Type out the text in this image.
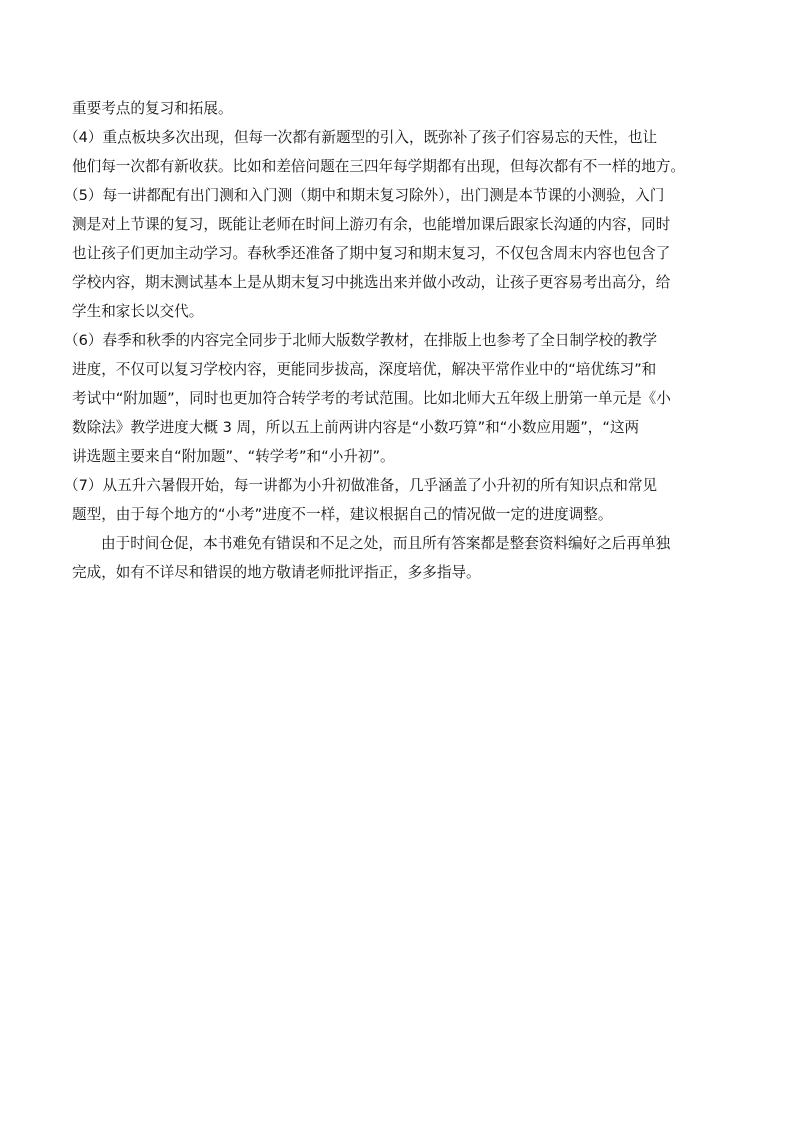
重要考点的复习和拓展。

（4）重点板块多次出现，但每一次都有新题型的引入，既弥补了孩子们容易忘的天性，也让
他们每一次都有新收获。比如和差倍问题在三四年每学期都有出现，但每次都有不一样的地方。

（5）每一讲都配有出门测和入门测（期中和期末复习除外），出门测是本节课的小测验，入门
测是对上节课的复习，既能让老师在时间上游刃有余，也能增加课后跟家长沟通的内容，同时
也让孩子们更加主动学习。春秋季还准备了期中复习和期末复习，不仅包含周末内容也包含了
学校内容，期末测试基本上是从期末复习中挑选出来并做小改动，让孩子更容易考出高分，给
学生和家长以交代。

（6）春季和秋季的内容完全同步于北师大版数学教材，在排版上也参考了全日制学校的教学
进度，不仅可以复习学校内容，更能同步拔高，深度培优，解决平常作业中的“培优练习”和
考试中“附加题”，同时也更加符合转学考的考试范围。比如北师大五年级上册第一单元是《小
数除法》教学进度大概 3 周，所以五上前两讲内容是“小数巧算”和“小数应用题”，“这两
讲选题主要来自“附加题”、“转学考”和“小升初”。

（7）从五升六暑假开始，每一讲都为小升初做准备，几乎涵盖了小升初的所有知识点和常见
题型，由于每个地方的“小考”进度不一样，建议根据自己的情况做一定的进度调整。

由于时间仓促，本书难免有错误和不足之处，而且所有答案都是整套资料编好之后再单独
完成，如有不详尽和错误的地方敬请老师批评指正，多多指导。
